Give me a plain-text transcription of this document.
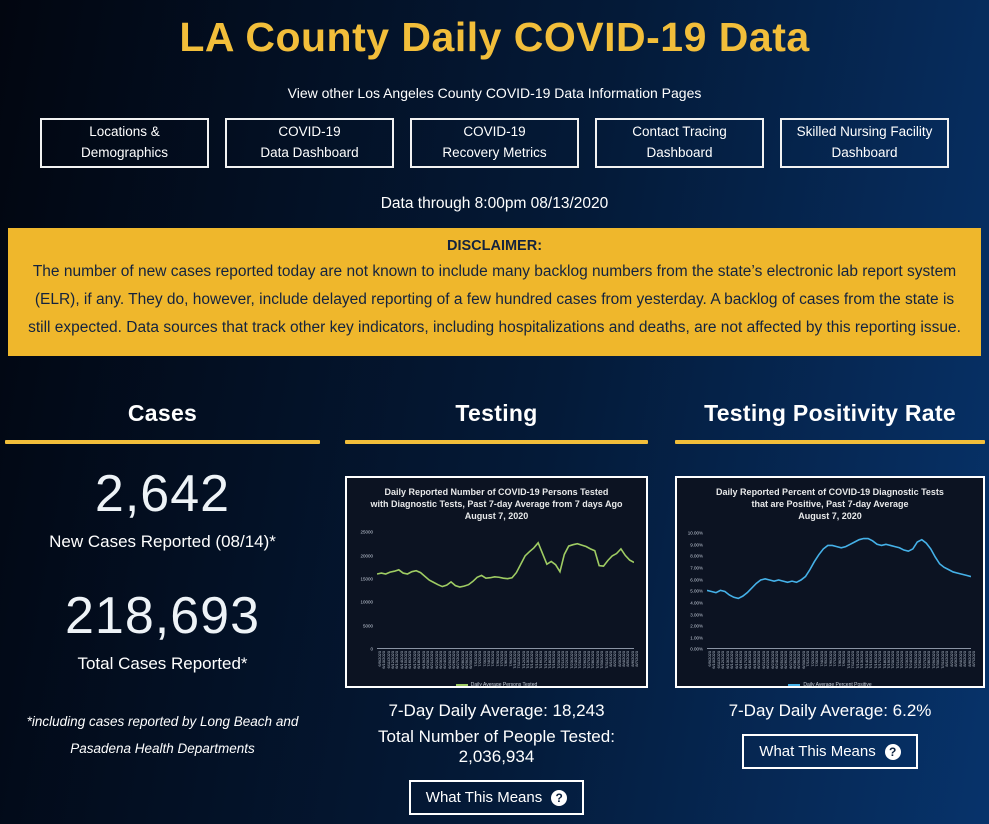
LA County Daily COVID-19 Data
View other Los Angeles County COVID-19 Data Information Pages
Locations &
Demographics
COVID-19
Data Dashboard
COVID-19
Recovery Metrics
Contact Tracing
Dashboard
Skilled Nursing Facility
Dashboard
Data through 8:00pm 08/13/2020
DISCLAIMER:

The number of new cases reported today are not known to include many backlog numbers from the state’s electronic lab report system (ELR), if any. They do, however, include delayed reporting of a few hundred cases from yesterday. A backlog of cases from the state is still expected. Data sources that track other key indicators, including hospitalizations and deaths, are not affected by this reporting issue.

Cases
2,642
New Cases Reported (08/14)*
218,693
Total Cases Reported*
*including cases reported by Long Beach and Pasadena Health Departments
Testing
Daily Reported Number of COVID-19 Persons Tested
with Diagnostic Tests, Past 7-day Average from 7 days Ago
August 7, 2020
25000
20000
15000
10000
5000
0
6/9/2020 6/10/2020 6/11/2020 6/12/2020 6/13/2020 6/14/2020 6/15/2020 6/16/2020 6/17/2020 6/18/2020 6/19/2020 6/20/2020 6/21/2020 6/22/2020 6/23/2020 6/24/2020 6/25/2020 6/26/2020 6/27/2020 6/28/2020 6/29/2020 6/30/2020 7/1/2020 7/2/2020 7/3/2020 7/4/2020 7/5/2020 7/6/2020 7/7/2020 7/8/2020 7/9/2020 7/10/2020 7/11/2020 7/12/2020 7/13/2020 7/14/2020 7/15/2020 7/16/2020 7/17/2020 7/18/2020 7/19/2020 7/20/2020 7/21/2020 7/22/2020 7/23/2020 7/24/2020 7/25/2020 7/26/2020 7/27/2020 7/28/2020 7/29/2020 7/30/2020 7/31/2020 8/1/2020 8/2/2020 8/3/2020 8/4/2020 8/5/2020 8/6/2020 8/7/2020
Daily Average Persons Tested
7-Day Daily Average: 18,243
Total Number of People Tested: 2,036,934
What This Means	?
Testing Positivity Rate
Daily Reported Percent of COVID-19 Diagnostic Tests
that are Positive, Past 7-day Average
August 7, 2020
10.00%
9.00%
8.00%
7.00%
6.00%
5.00%
4.00%
3.00%
2.00%
1.00%
0.00%
6/9/2020 6/10/2020 6/11/2020 6/12/2020 6/13/2020 6/14/2020 6/15/2020 6/16/2020 6/17/2020 6/18/2020 6/19/2020 6/20/2020 6/21/2020 6/22/2020 6/23/2020 6/24/2020 6/25/2020 6/26/2020 6/27/2020 6/28/2020 6/29/2020 6/30/2020 7/1/2020 7/2/2020 7/3/2020 7/4/2020 7/5/2020 7/6/2020 7/7/2020 7/8/2020 7/9/2020 7/10/2020 7/11/2020 7/12/2020 7/13/2020 7/14/2020 7/15/2020 7/16/2020 7/17/2020 7/18/2020 7/19/2020 7/20/2020 7/21/2020 7/22/2020 7/23/2020 7/24/2020 7/25/2020 7/26/2020 7/27/2020 7/28/2020 7/29/2020 7/30/2020 7/31/2020 8/1/2020 8/2/2020 8/3/2020 8/4/2020 8/5/2020 8/6/2020 8/7/2020
Daily Average Percent Positive
7-Day Daily Average: 6.2%
What This Means	?
